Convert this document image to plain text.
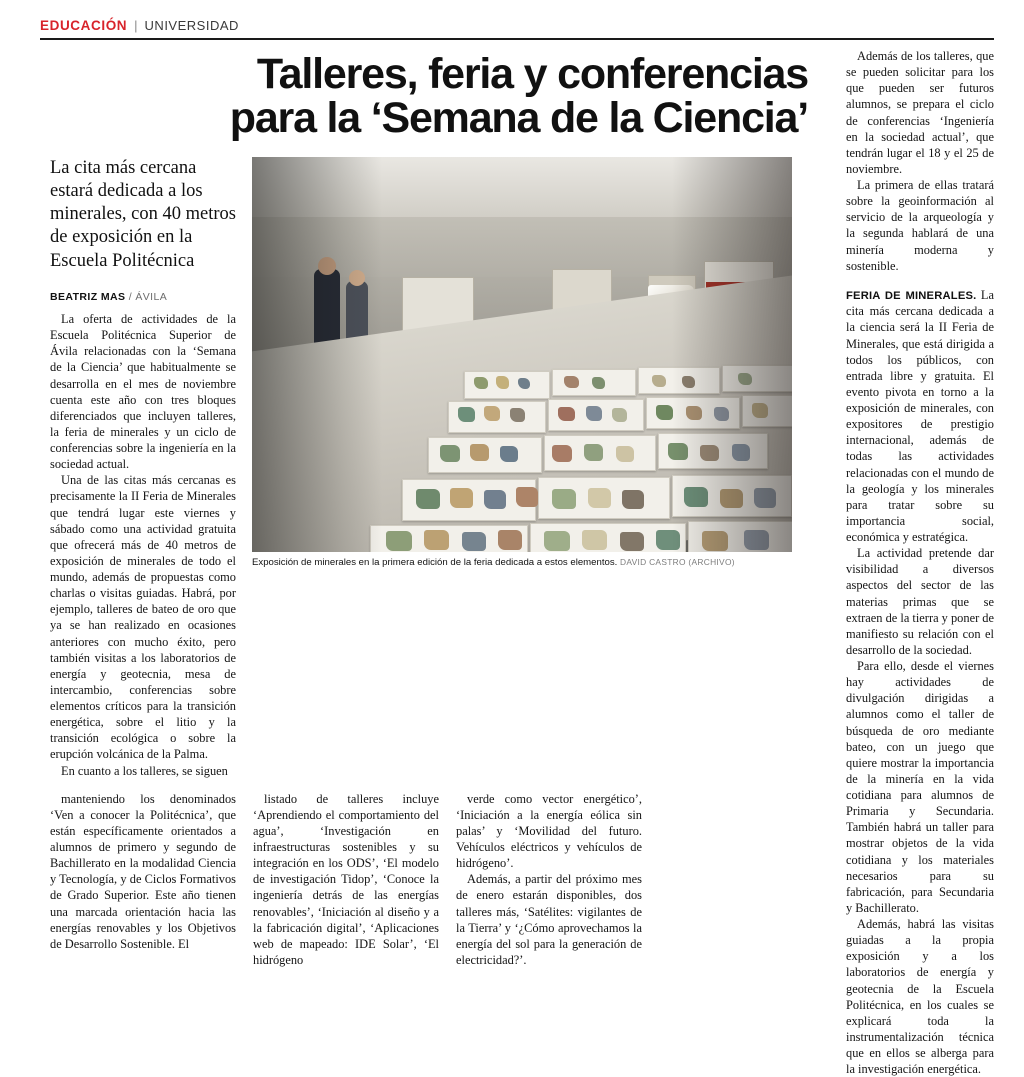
EDUCACIÓN | UNIVERSIDAD
Talleres, feria y conferencias
para la ‘Semana de la Ciencia’
La cita más cercana estará dedicada a los minerales, con 40 metros de exposición en la Escuela Politécnica
BEATRIZ MAS / ÁVILA

La oferta de actividades de la Escuela Politécnica Superior de Ávila relacionadas con la ‘Semana de la Ciencia’ que habitualmente se desarrolla en el mes de noviembre cuenta este año con tres bloques diferenciados que incluyen talleres, la feria de minerales y un ciclo de conferencias sobre la ingeniería en la sociedad actual.

Una de las citas más cercanas es precisamente la II Feria de Minerales que tendrá lugar este viernes y sábado como una actividad gratuita que ofrecerá más de 40 metros de exposición de minerales de todo el mundo, además de propuestas como charlas o visitas guiadas. Habrá, por ejemplo, talleres de bateo de oro que ya se han realizado en ocasiones anteriores con mucho éxito, pero también visitas a los laboratorios de energía y geotecnia, mesa de intercambio, conferencias sobre elementos críticos para la transición energética, sobre el litio y la transición ecológica o sobre la erupción volcánica de la Palma.

En cuanto a los talleres, se siguen

Exposición de minerales en la primera edición de la feria dedicada a estos elementos. DAVID CASTRO (ARCHIVO)

manteniendo los denominados ‘Ven a conocer la Politécnica’, que están específicamente orientados a alumnos de primero y segundo de Bachillerato en la modalidad Ciencia y Tecnología, y de Ciclos Formativos de Grado Superior. Este año tienen una marcada orientación hacia las energías renovables y los Objetivos de Desarrollo Sostenible. El

listado de talleres incluye ‘Aprendiendo el comportamiento del agua’, ‘Investigación en infraestructuras sostenibles y su integración en los ODS’, ‘El modelo de investigación Tidop’, ‘Conoce la ingeniería detrás de las energías renovables’, ‘Iniciación al diseño y a la fabricación digital’, ‘Aplicaciones web de mapeado: IDE Solar’, ‘El hidrógeno

verde como vector energético’, ‘Iniciación a la energía eólica sin palas’ y ‘Movilidad del futuro. Vehículos eléctricos y vehículos de hidrógeno’.

Además, a partir del próximo mes de enero estarán disponibles, dos talleres más, ‘Satélites: vigilantes de la Tierra’ y ‘¿Cómo aprovechamos la energía del sol para la generación de electricidad?’.

Además de los talleres, que se pueden solicitar para los que pueden ser futuros alumnos, se prepara el ciclo de conferencias ‘Ingeniería en la sociedad actual’, que tendrán lugar el 18 y el 25 de noviembre.

La primera de ellas tratará sobre la geoinformación al servicio de la arqueología y la segunda hablará de una minería moderna y sostenible.

FERIA DE MINERALES. La cita más cercana dedicada a la ciencia será la II Feria de Minerales, que está dirigida a todos los públicos, con entrada libre y gratuita. El evento pivota en torno a la exposición de minerales, con expositores de prestigio internacional, además de todas las actividades relacionadas con el mundo de la geología y los minerales para tratar sobre su importancia social, económica y estratégica.

La actividad pretende dar visibilidad a diversos aspectos del sector de las materias primas que se extraen de la tierra y poner de manifiesto su relación con el desarrollo de la sociedad.

Para ello, desde el viernes hay actividades de divulgación dirigidas a alumnos como el taller de búsqueda de oro mediante bateo, con un juego que quiere mostrar la importancia de la minería en la vida cotidiana para alumnos de Primaria y Secundaria. También habrá un taller para mostrar objetos de la vida cotidiana y los materiales necesarios para su fabricación, para Secundaria y Bachillerato.

Además, habrá las visitas guiadas a la propia exposición y a los laboratorios de energía y geotecnia de la Escuela Politécnica, en los cuales se explicará toda la instrumentalización técnica que en ellos se alberga para la investigación energética.
